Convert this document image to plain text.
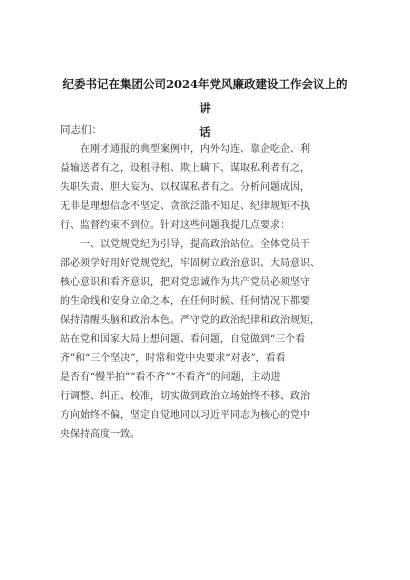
纪委书记在集团公司2024年党风廉政建设工作会议上的讲
话
同志们：
　　在刚才通报的典型案例中，内外勾连、靠企吃企、利
益输送者有之，设租寻租、欺上瞒下、谋取私利者有之，
失职失责、胆大妄为、以权谋私者有之。分析问题成因，
无非是理想信念不坚定、贪欲泛滥不知足、纪律规矩不执
行、监督约束不到位。针对这些问题我提几点要求：
　　一、以党规党纪为引导，提高政治站位。全体党员干
部必须学好用好党规党纪，牢固树立政治意识、大局意识、
核心意识和看齐意识，把对党忠诚作为共产党员必须坚守
的生命线和安身立命之本，在任何时候、任何情况下都要
保持清醒头脑和政治本色。严守党的政治纪律和政治规矩，
站在党和国家大局上想问题、看问题，自觉做到“三个看
齐”和“三个坚决”，时常和党中央要求“对表”，看看
是否有“慢半拍”“看不齐”“不看齐”的问题，主动进
行调整、纠正、校准，切实做到政治立场始终不移、政治
方向始终不偏，坚定自觉地同以习近平同志为核心的党中
央保持高度一致。
